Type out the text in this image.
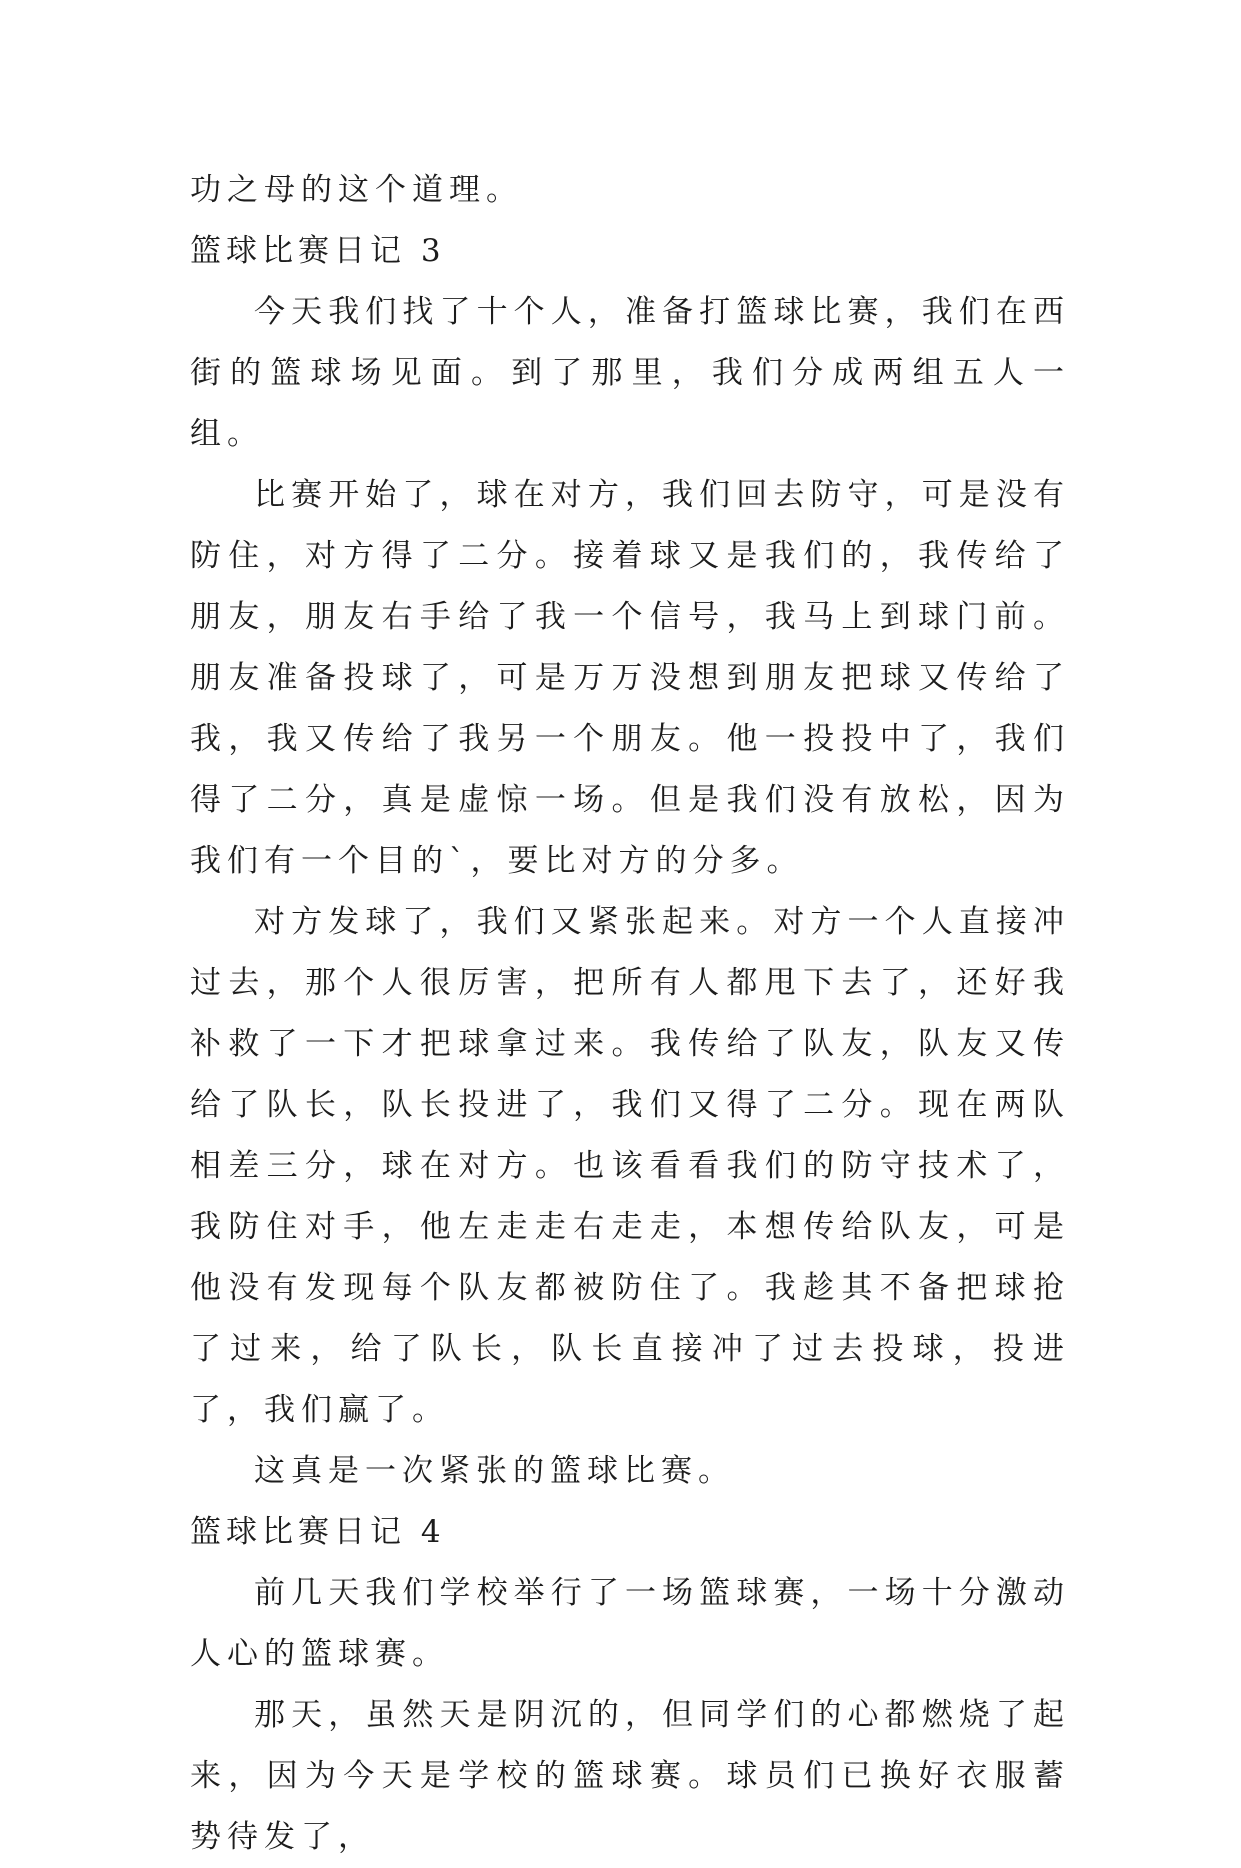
功之母的这个道理。

篮球比赛日记 3

今天我们找了十个人，准备打篮球比赛，我们在西街的篮球场见面。到了那里，我们分成两组五人一组。

比赛开始了，球在对方，我们回去防守，可是没有防住，对方得了二分。接着球又是我们的，我传给了朋友，朋友右手给了我一个信号，我马上到球门前。朋友准备投球了，可是万万没想到朋友把球又传给了我，我又传给了我另一个朋友。他一投投中了，我们得了二分，真是虚惊一场。但是我们没有放松，因为我们有一个目的`，要比对方的分多。

对方发球了，我们又紧张起来。对方一个人直接冲过去，那个人很厉害，把所有人都甩下去了，还好我补救了一下才把球拿过来。我传给了队友，队友又传给了队长，队长投进了，我们又得了二分。现在两队相差三分，球在对方。也该看看我们的防守技术了，我防住对手，他左走走右走走，本想传给队友，可是他没有发现每个队友都被防住了。我趁其不备把球抢了过来，给了队长，队长直接冲了过去投球，投进了，我们赢了。

这真是一次紧张的篮球比赛。

篮球比赛日记 4

前几天我们学校举行了一场篮球赛，一场十分激动人心的篮球赛。

那天，虽然天是阴沉的，但同学们的心都燃烧了起来，因为今天是学校的篮球赛。球员们已换好衣服蓄势待发了，
